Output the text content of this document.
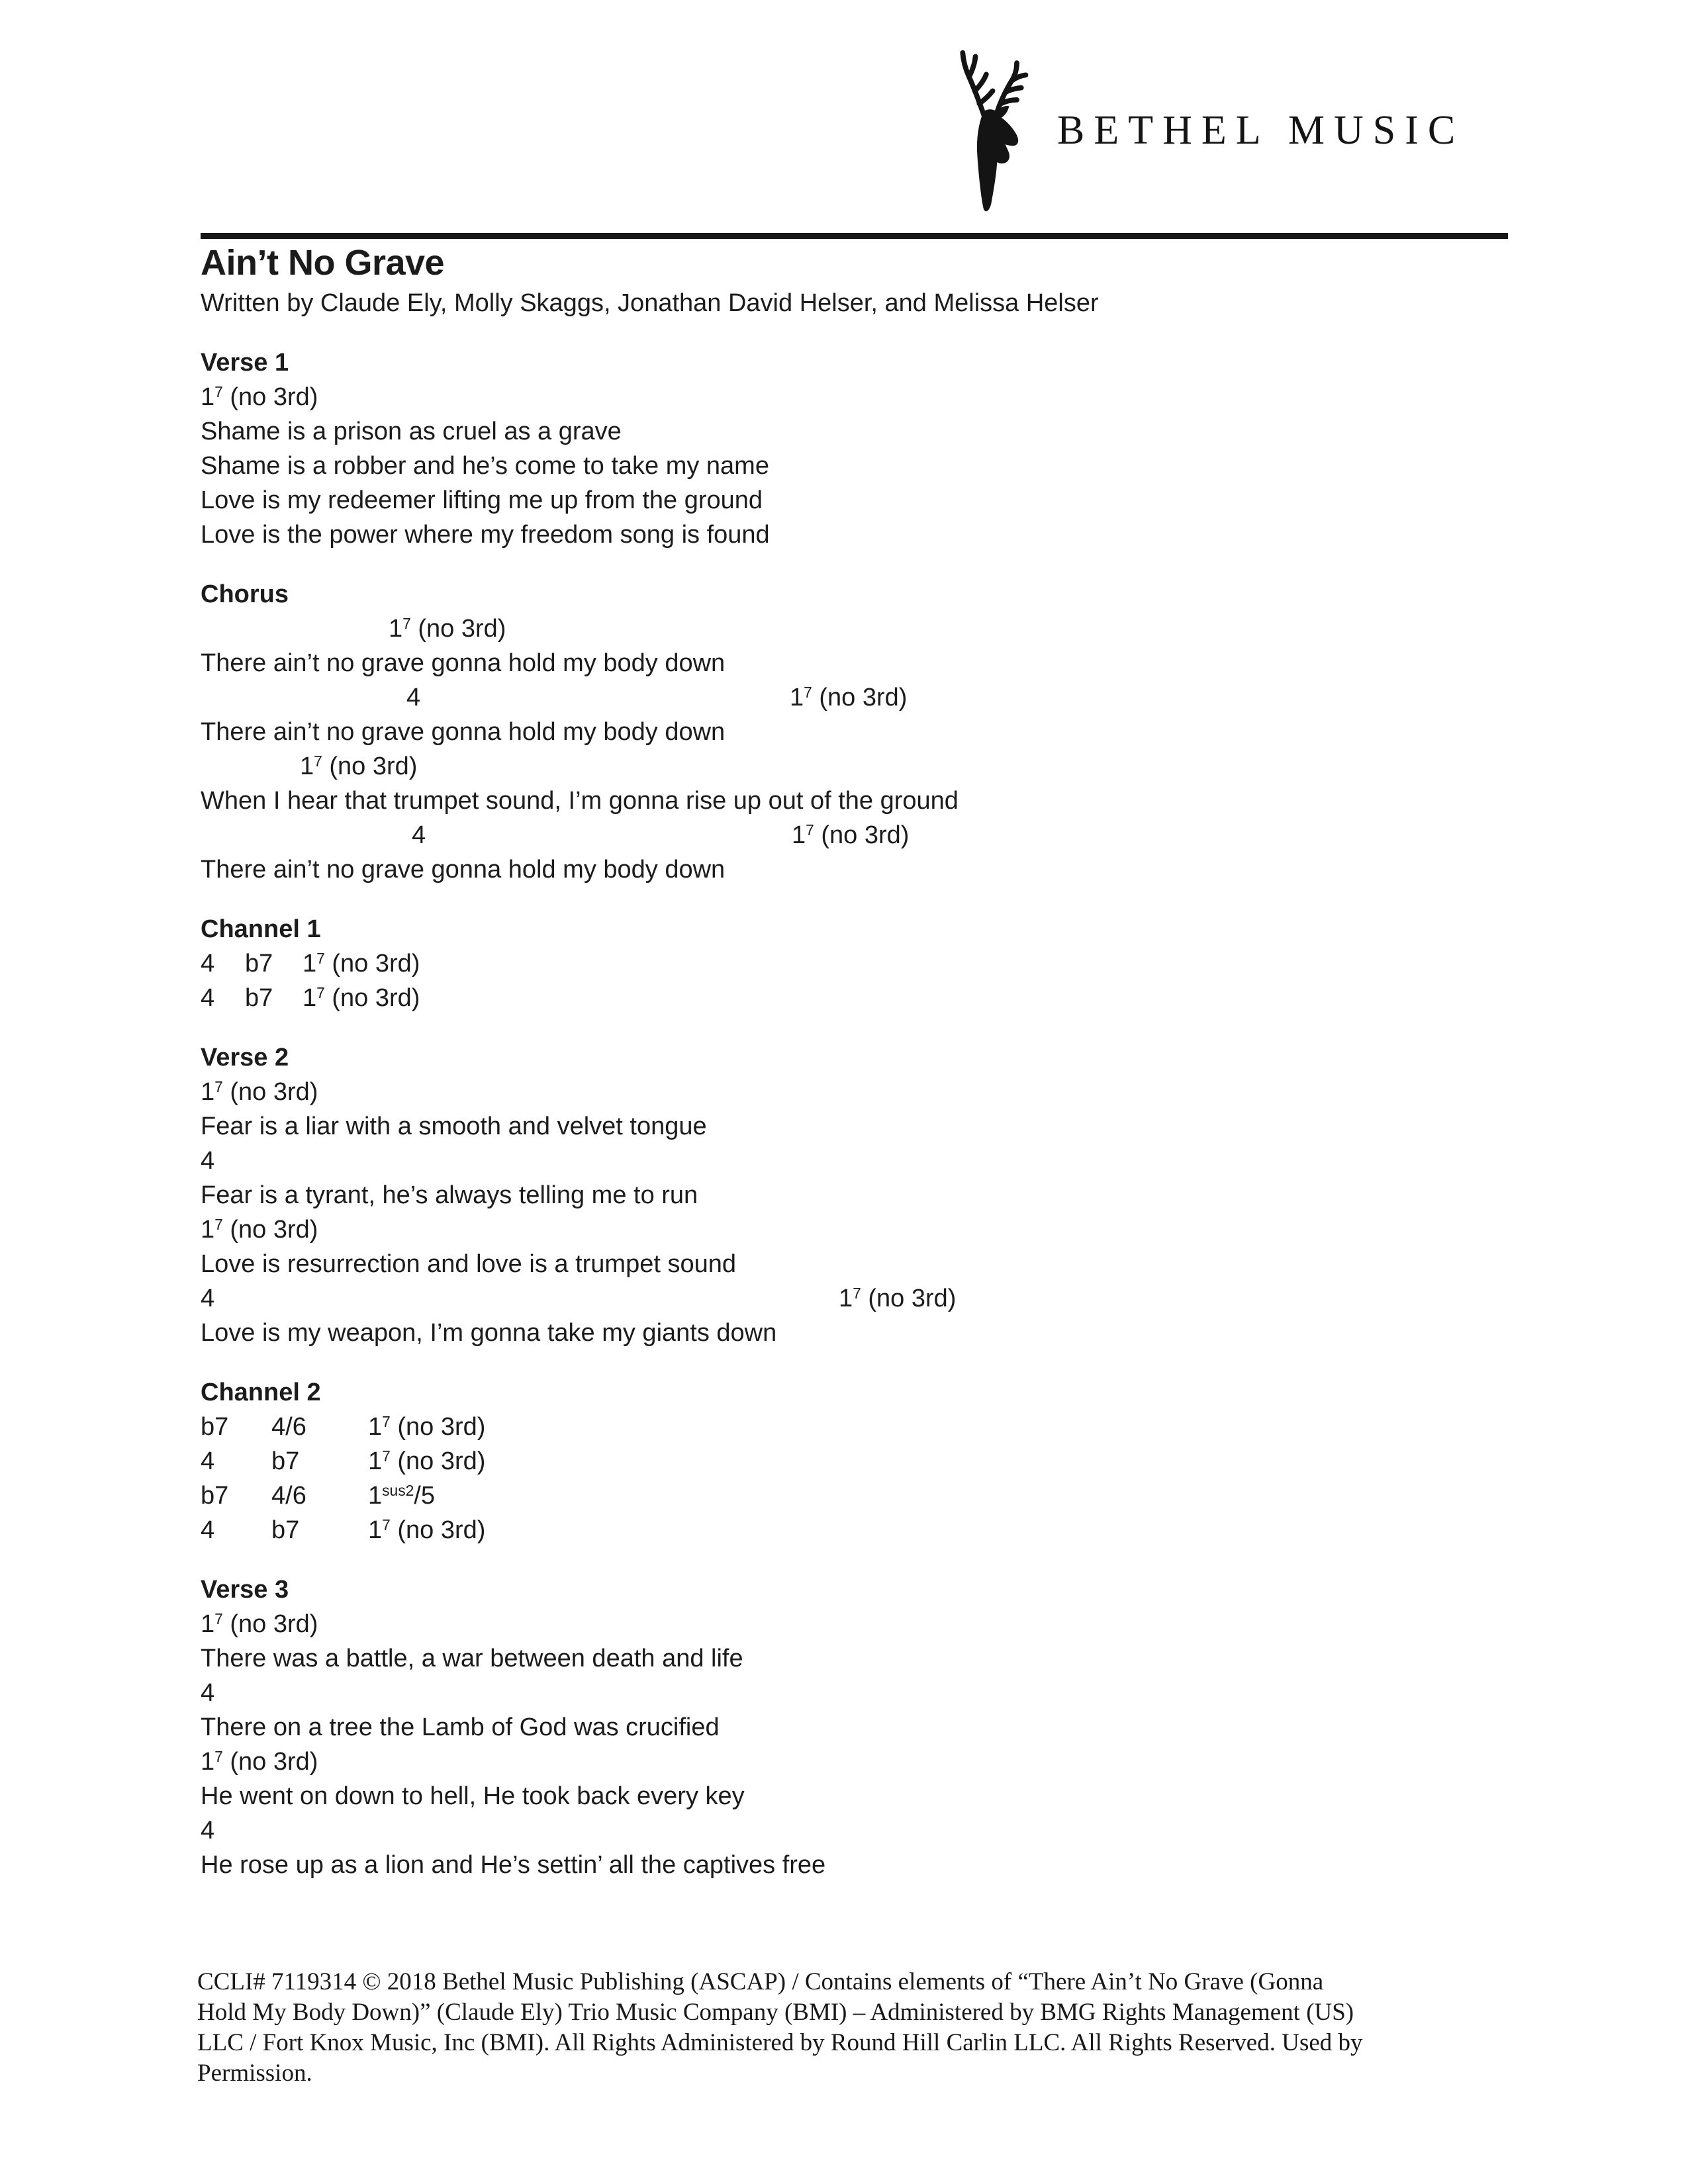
BETHEL MUSIC
Ain’t No Grave
Written by Claude Ely, Molly Skaggs, Jonathan David Helser, and Melissa Helser
Verse 1
$1^7$ (no 3rd)
Shame is a prison as cruel as a grave
Shame is a robber and he’s come to take my name
Love is my redeemer lifting me up from the ground
Love is the power where my freedom song is found
Chorus
$1^7$ (no 3rd)
There ain’t no grave gonna hold my body down
4	$1^7$ (no 3rd)
There ain’t no grave gonna hold my body down
$1^7$ (no 3rd)
When I hear that trumpet sound, I’m gonna rise up out of the ground
4	$1^7$ (no 3rd)
There ain’t no grave gonna hold my body down
Channel 1
4 b7 $1^7$ (no 3rd)
4 b7 $1^7$ (no 3rd)
Verse 2
$1^7$ (no 3rd)
Fear is a liar with a smooth and velvet tongue
4
Fear is a tyrant, he’s always telling me to run
$1^7$ (no 3rd)
Love is resurrection and love is a trumpet sound
4	$1^7$ (no 3rd)
Love is my weapon, I’m gonna take my giants down
Channel 2
b7 4/6 $1^7$ (no 3rd)
4 b7	$1^7$ (no 3rd)
b7 4/6 $1^{sus2}/5$
4 b7	$1^7$ (no 3rd)
Verse 3
$1^7$ (no 3rd)
There was a battle, a war between death and life
4
There on a tree the Lamb of God was crucified
$1^7$ (no 3rd)
He went on down to hell, He took back every key
4
He rose up as a lion and He’s settin’ all the captives free
CCLI# 7119314 © 2018 Bethel Music Publishing (ASCAP) / Contains elements of “There Ain’t No Grave (Gonna
Hold My Body Down)” (Claude Ely) Trio Music Company (BMI) – Administered by BMG Rights Management (US)
LLC / Fort Knox Music, Inc (BMI). All Rights Administered by Round Hill Carlin LLC. All Rights Reserved. Used by
Permission.
